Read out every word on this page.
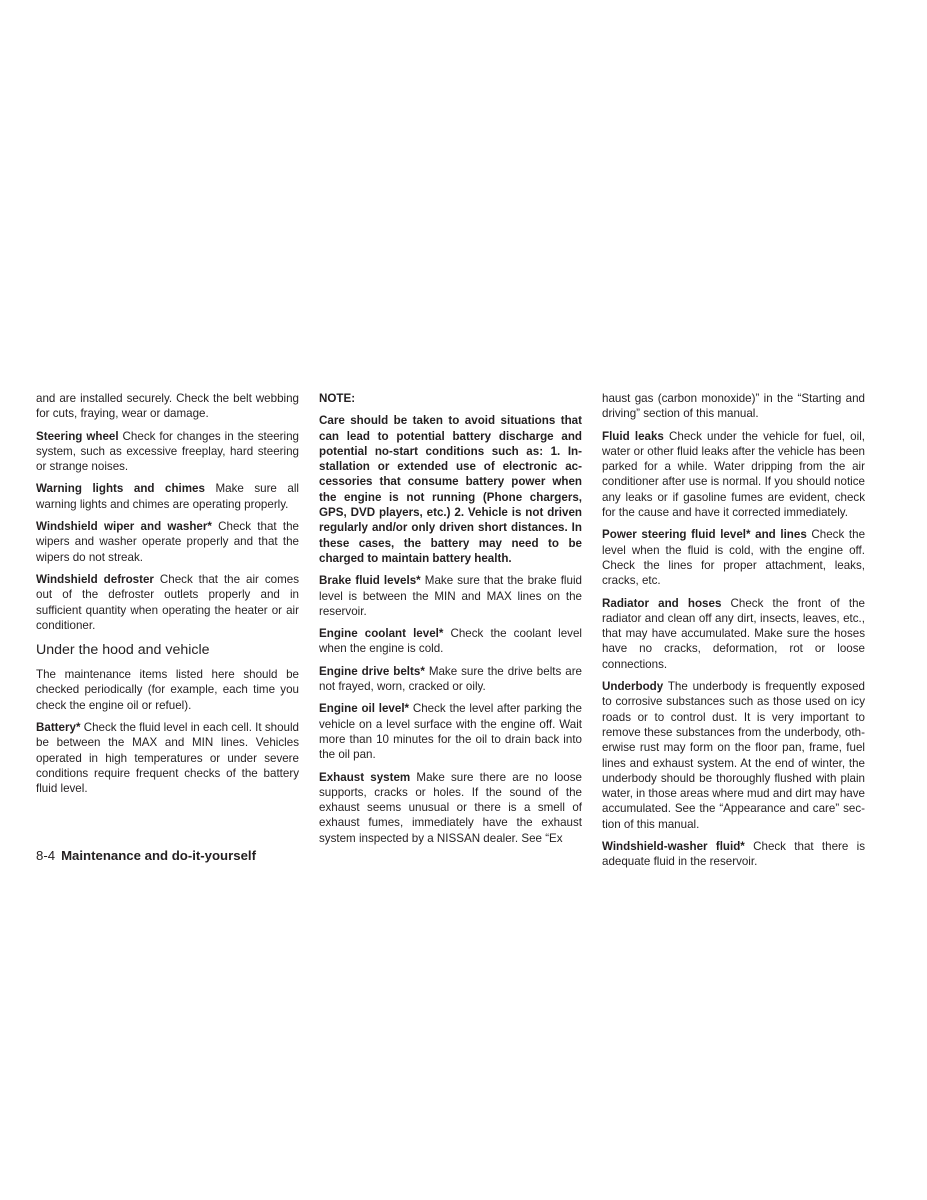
and are installed securely. Check the belt webbing for cuts, fraying, wear or damage.

Steering wheel Check for changes in the steering system, such as excessive freeplay, hard steering or strange noises.

Warning lights and chimes Make sure all warning lights and chimes are operating properly.

Windshield wiper and washer* Check that the wipers and washer operate properly and that the wipers do not streak.

Windshield defroster Check that the air comes out of the defroster outlets properly and in sufficient quantity when operating the heater or air conditioner.

Under the hood and vehicle

The maintenance items listed here should be checked periodically (for example, each time you check the engine oil or refuel).

Battery* Check the fluid level in each cell. It should be between the MAX and MIN lines. Vehicles operated in high temperatures or under severe conditions require frequent checks of the battery fluid level.

NOTE:

Care should be taken to avoid situations that can lead to potential battery discharge and potential no-start conditions such as: 1. Installation or extended use of electronic accessories that consume battery power when the engine is not running (Phone chargers, GPS, DVD players, etc.) 2. Vehicle is not driven regularly and/or only driven short distances. In these cases, the battery may need to be charged to maintain battery health.

Brake fluid levels* Make sure that the brake fluid level is between the MIN and MAX lines on the reservoir.

Engine coolant level* Check the coolant level when the engine is cold.

Engine drive belts* Make sure the drive belts are not frayed, worn, cracked or oily.

Engine oil level* Check the level after parking the vehicle on a level surface with the engine off. Wait more than 10 minutes for the oil to drain back into the oil pan.

Exhaust system Make sure there are no loose supports, cracks or holes. If the sound of the exhaust seems unusual or there is a smell of exhaust fumes, immediately have the exhaust system inspected by a NISSAN dealer. See “Ex

haust gas (carbon monoxide)” in the “Starting and driving” section of this manual.

Fluid leaks Check under the vehicle for fuel, oil, water or other fluid leaks after the vehicle has been parked for a while. Water dripping from the air conditioner after use is normal. If you should notice any leaks or if gasoline fumes are evident, check for the cause and have it corrected immediately.

Power steering fluid level* and lines Check the level when the fluid is cold, with the engine off. Check the lines for proper attachment, leaks, cracks, etc.

Radiator and hoses Check the front of the radiator and clean off any dirt, insects, leaves, etc., that may have accumulated. Make sure the hoses have no cracks, deformation, rot or loose connections.

Underbody The underbody is frequently exposed to corrosive substances such as those used on icy roads or to control dust. It is very important to remove these substances from the underbody, otherwise rust may form on the floor pan, frame, fuel lines and exhaust system. At the end of winter, the underbody should be thoroughly flushed with plain water, in those areas where mud and dirt may have accumulated. See the “Appearance and care” section of this manual.

Windshield-washer fluid* Check that there is adequate fluid in the reservoir.

8-4 Maintenance and do-it-yourself
